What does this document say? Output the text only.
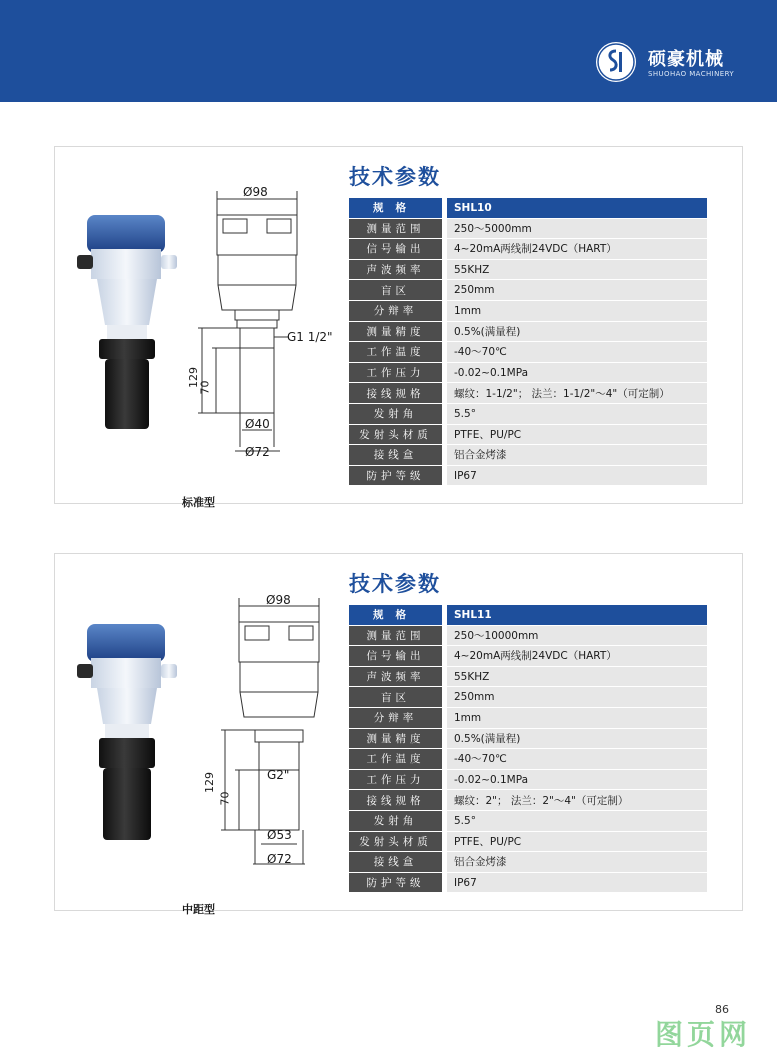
硕豪机械
SHUOHAO MACHINERY
Ø98
G1 1/2"
129
70
Ø40
Ø72
技术参数
规格		SHL10
测量范围		250～5000mm
信号输出		4~20mA两线制24VDC（HART）
声波频率		55KHZ
盲区		250mm
分辩率		1mm
测量精度		0.5%(满量程)
工作温度		-40～70℃
工作压力		-0.02~0.1MPa
接线规格		螺纹：1-1/2"； 法兰：1-1/2"～4"（可定制）
发射角		5.5°
发射头材质		PTFE、PU/PC
接线盒		铝合金烤漆
防护等级		IP67
标准型
Ø98
G2"
129
70
Ø53
Ø72
技术参数
规格		SHL11
测量范围		250～10000mm
信号输出		4~20mA两线制24VDC（HART）
声波频率		55KHZ
盲区		250mm
分辩率		1mm
测量精度		0.5%(满量程)
工作温度		-40～70℃
工作压力		-0.02~0.1MPa
接线规格		螺纹：2"； 法兰：2"～4"（可定制）
发射角		5.5°
发射头材质		PTFE、PU/PC
接线盒		铝合金烤漆
防护等级		IP67
中距型
86
图页网
